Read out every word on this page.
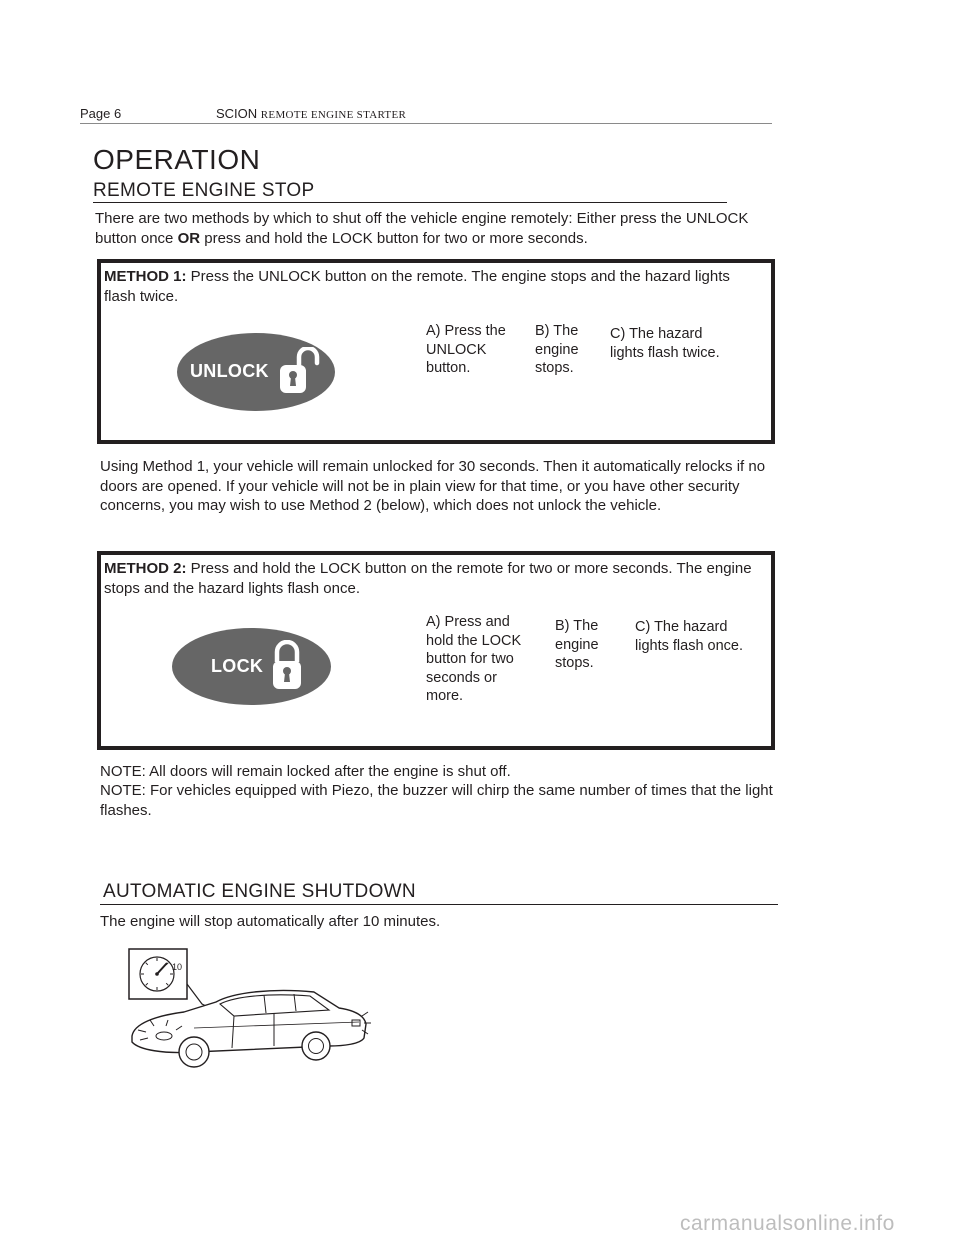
Page 6	SCION REMOTE ENGINE STARTER
OPERATION
REMOTE ENGINE STOP
There are two methods by which to shut off the vehicle engine remotely: Either press the UNLOCK button once OR press and hold the LOCK button for two or more seconds.
METHOD 1: Press the UNLOCK button on the remote. The engine stops and the hazard lights flash twice.
UNLOCK
A) Press the UNLOCK button.
B) The engine stops.
C) The hazard lights flash twice.
Using Method 1, your vehicle will remain unlocked for 30 seconds. Then it automatically relocks if no doors are opened. If your vehicle will not be in plain view for that time, or you have other security concerns, you may wish to use Method 2 (below), which does not unlock the vehicle.
METHOD 2: Press and hold the LOCK button on the remote for two or more seconds. The engine stops and the hazard lights flash once.
LOCK
A) Press and hold the LOCK button for two seconds or more.
B) The engine stops.
C) The hazard lights flash once.
NOTE: All doors will remain locked after the engine is shut off.
NOTE: For vehicles equipped with Piezo, the buzzer will chirp the same number of times that the light flashes.
AUTOMATIC ENGINE SHUTDOWN
The engine will stop automatically after 10 minutes.
10
carmanualsonline.info
